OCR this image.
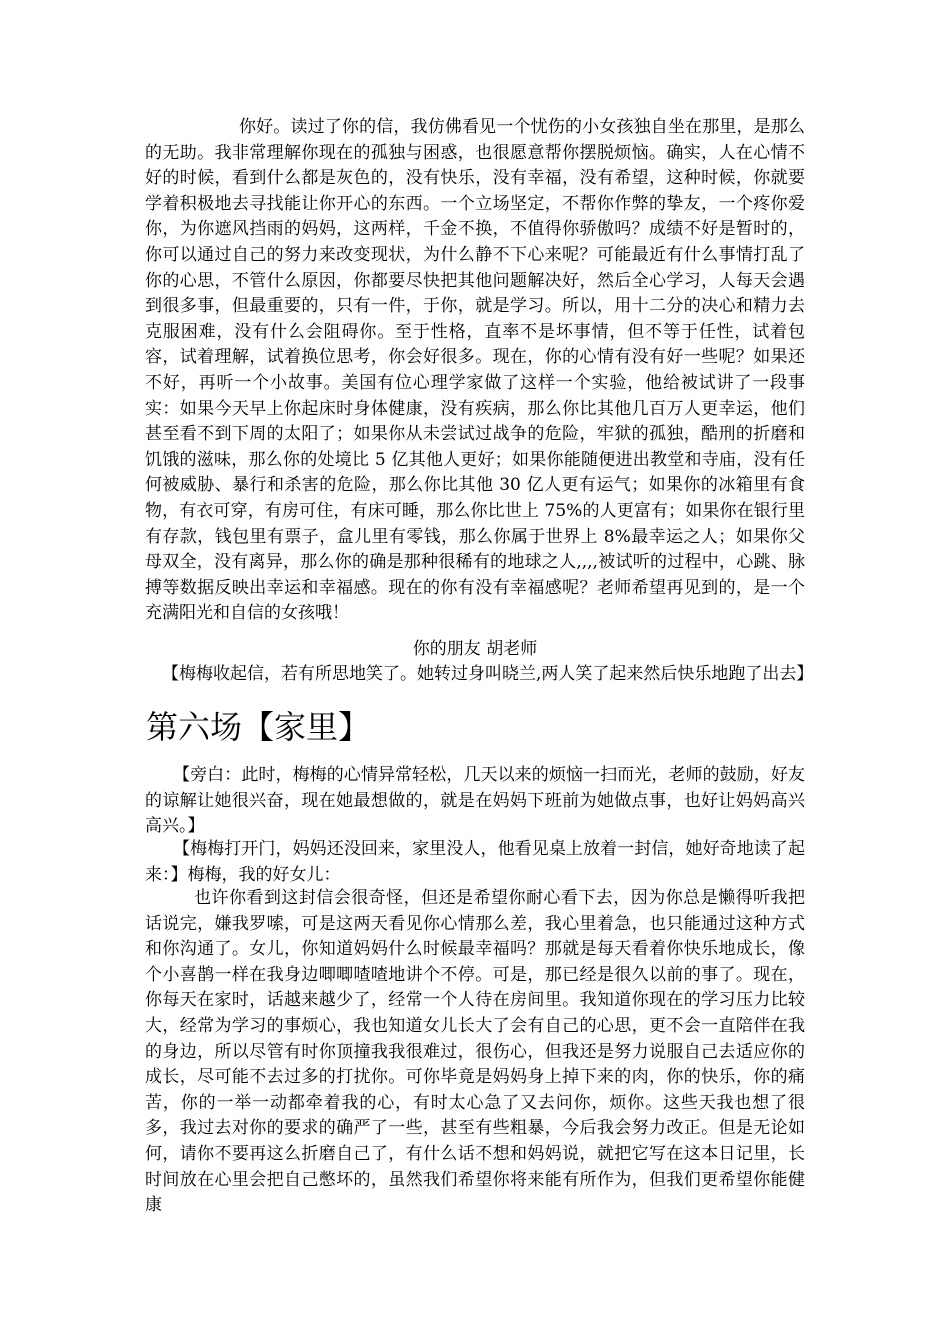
你好。读过了你的信，我仿佛看见一个忧伤的小女孩独自坐在那里，是那么的无助。我非常理解你现在的孤独与困惑，也很愿意帮你摆脱烦恼。确实，人在心情不好的时候，看到什么都是灰色的，没有快乐，没有幸福，没有希望，这种时候，你就要学着积极地去寻找能让你开心的东西。一个立场坚定，不帮你作弊的挚友，一个疼你爱你，为你遮风挡雨的妈妈，这两样，千金不换，不值得你骄傲吗？成绩不好是暂时的，你可以通过自己的努力来改变现状，为什么静不下心来呢？可能最近有什么事情打乱了你的心思，不管什么原因，你都要尽快把其他问题解决好，然后全心学习，人每天会遇到很多事，但最重要的，只有一件，于你，就是学习。所以，用十二分的决心和精力去克服困难，没有什么会阻碍你。至于性格，直率不是坏事情，但不等于任性，试着包容，试着理解，试着换位思考，你会好很多。现在，你的心情有没有好一些呢？如果还不好，再听一个小故事。美国有位心理学家做了这样一个实验，他给被试讲了一段事实：如果今天早上你起床时身体健康，没有疾病，那么你比其他几百万人更幸运，他们甚至看不到下周的太阳了；如果你从未尝试过战争的危险，牢狱的孤独，酷刑的折磨和饥饿的滋味，那么你的处境比 5 亿其他人更好；如果你能随便进出教堂和寺庙，没有任何被威胁、暴行和杀害的危险，那么你比其他 30 亿人更有运气；如果你的冰箱里有食物，有衣可穿，有房可住，有床可睡，那么你比世上 75%的人更富有；如果你在银行里有存款，钱包里有票子，盒儿里有零钱，那么你属于世界上 8%最幸运之人；如果你父母双全，没有离异，那么你的确是那种很稀有的地球之人,,,,被试听的过程中，心跳、脉搏等数据反映出幸运和幸福感。现在的你有没有幸福感呢？老师希望再见到的，是一个充满阳光和自信的女孩哦！

你的朋友 胡老师

【梅梅收起信，若有所思地笑了。她转过身叫晓兰,两人笑了起来然后快乐地跑了出去】

第六场【家里】

【旁白：此时，梅梅的心情异常轻松，几天以来的烦恼一扫而光，老师的鼓励，好友的谅解让她很兴奋，现在她最想做的，就是在妈妈下班前为她做点事，也好让妈妈高兴高兴。】

【梅梅打开门，妈妈还没回来，家里没人，他看见桌上放着一封信，她好奇地读了起来：】梅梅，我的好女儿：

也许你看到这封信会很奇怪，但还是希望你耐心看下去，因为你总是懒得听我把话说完，嫌我罗嗦，可是这两天看见你心情那么差，我心里着急，也只能通过这种方式和你沟通了。女儿，你知道妈妈什么时候最幸福吗？那就是每天看着你快乐地成长，像个小喜鹊一样在我身边唧唧喳喳地讲个不停。可是，那已经是很久以前的事了。现在，你每天在家时，话越来越少了，经常一个人待在房间里。我知道你现在的学习压力比较大，经常为学习的事烦心，我也知道女儿长大了会有自己的心思，更不会一直陪伴在我的身边，所以尽管有时你顶撞我我很难过，很伤心，但我还是努力说服自己去适应你的成长，尽可能不去过多的打扰你。可你毕竟是妈妈身上掉下来的肉，你的快乐，你的痛苦，你的一举一动都牵着我的心，有时太心急了又去问你，烦你。这些天我也想了很多，我过去对你的要求的确严了一些，甚至有些粗暴，今后我会努力改正。但是无论如何，请你不要再这么折磨自己了，有什么话不想和妈妈说，就把它写在这本日记里，长时间放在心里会把自己憋坏的，虽然我们希望你将来能有所作为，但我们更希望你能健康
